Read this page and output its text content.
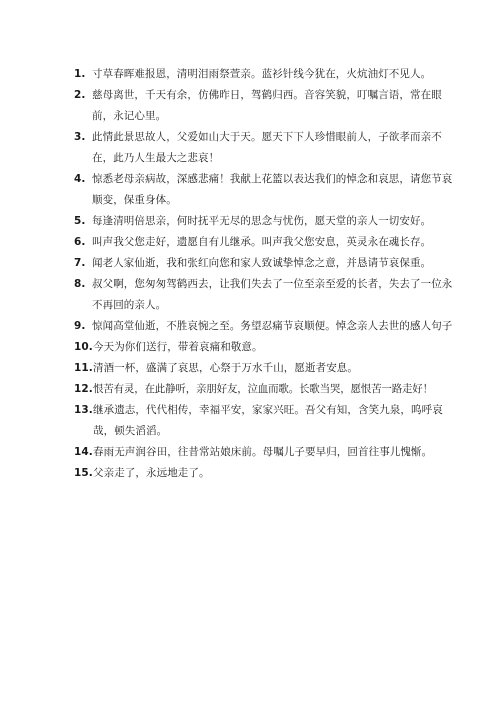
1. 寸草春晖难报恩，清明泪雨祭萱亲。蓝衫针线今犹在，火炕油灯不见人。
2. 慈母离世，千天有余，仿佛昨日，驾鹤归西。音容笑貌，叮嘱言语，常在眼前，永记心里。
3. 此情此景思故人，父爱如山大于天。愿天下下人珍惜眼前人，子欲孝而亲不在，此乃人生最大之悲哀！
4. 惊悉老母亲病故，深感悲痛！我献上花篮以表达我们的悼念和哀思，请您节哀顺变，保重身体。
5. 每逢清明倍思亲，何时抚平无尽的思念与忧伤，愿天堂的亲人一切安好。
6. 叫声我父您走好，遗愿自有儿继承。叫声我父您安息，英灵永在魂长存。
7. 闻老人家仙逝，我和张红向您和家人致诚挚悼念之意，并恳请节哀保重。
8. 叔父啊，您匆匆驾鹤西去，让我们失去了一位至亲至爱的长者，失去了一位永不再回的亲人。
9. 惊闻高堂仙逝，不胜哀惋之至。务望忍痛节哀顺便。悼念亲人去世的感人句子
10. 今天为你们送行，带着哀痛和敬意。
11. 清酒一杯，盛满了哀思，心祭于万水千山，愿逝者安息。
12. 恨苦有灵，在此静听，亲朋好友，泣血而歌。长歌当哭，愿恨苦一路走好！
13. 继承遗志，代代相传，幸福平安，家家兴旺。吾父有知，含笑九泉，呜呼哀哉，顿失滔滔。
14. 春雨无声润谷田，往昔常站娘床前。母嘱儿子要早归，回首往事儿愧惭。
15. 父亲走了，永远地走了。
